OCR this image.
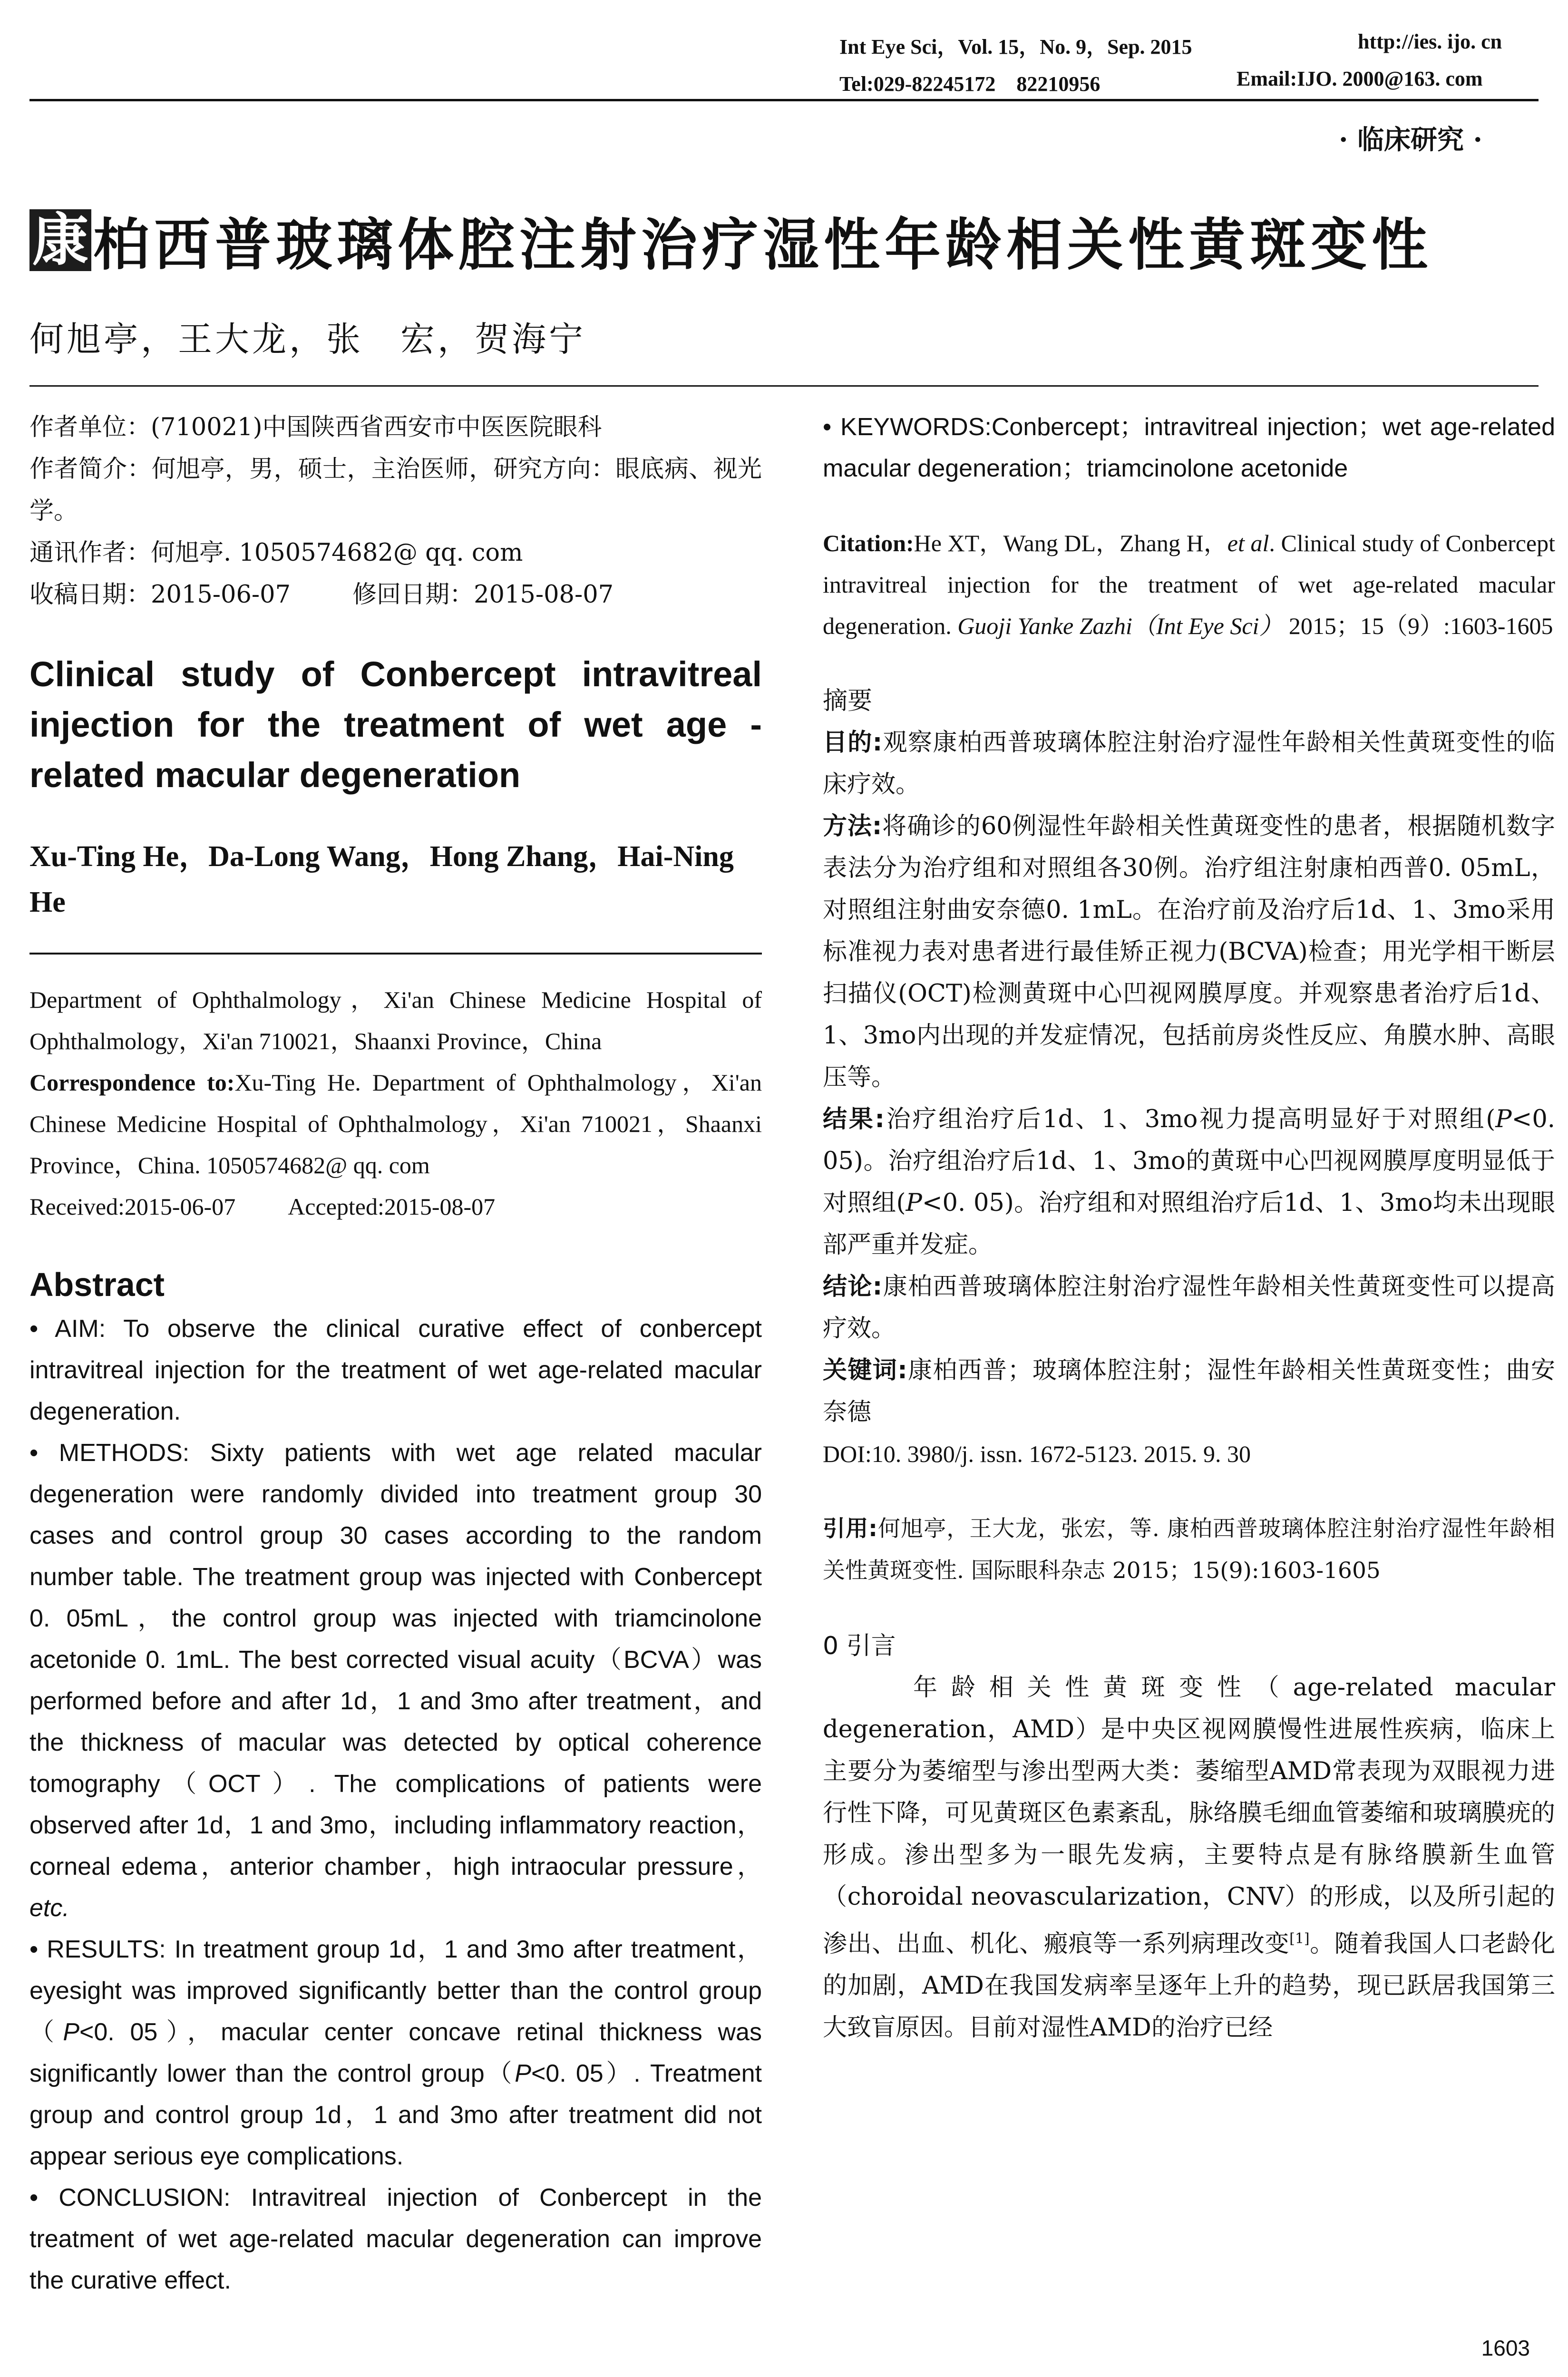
Int Eye Sci，Vol. 15，No. 9，Sep. 2015	http://ies. ijo. cn
Tel:029-82245172　82210956	Email:IJO. 2000@163. com
· 临床研究 ·
康 柏西普玻璃体腔注射治疗湿性年龄相关性黄斑变性
何旭亭，王大龙，张　宏，贺海宁

作者单位：(710021)中国陕西省西安市中医医院眼科

作者简介：何旭亭，男，硕士，主治医师，研究方向：眼底病、视光学。

通讯作者：何旭亭. 1050574682@ qq. com

收稿日期：2015-06-07	修回日期：2015-08-07

Clinical study of Conbercept intravitreal injection for the treatment of wet age - related macular degeneration

Xu-Ting He，Da-Long Wang，Hong Zhang，Hai-Ning He

Department of Ophthalmology，Xi'an Chinese Medicine Hospital of Ophthalmology，Xi'an 710021，Shaanxi Province，China

Correspondence to:Xu-Ting He. Department of Ophthalmology，Xi'an Chinese Medicine Hospital of Ophthalmology，Xi'an 710021，Shaanxi Province，China. 1050574682@ qq. com

Received:2015-06-07 Accepted:2015-08-07

Abstract

• AIM: To observe the clinical curative effect of conbercept intravitreal injection for the treatment of wet age-related macular degeneration.

• METHODS: Sixty patients with wet age related macular degeneration were randomly divided into treatment group 30 cases and control group 30 cases according to the random number table. The treatment group was injected with Conbercept 0. 05mL，the control group was injected with triamcinolone acetonide 0. 1mL. The best corrected visual acuity（BCVA）was performed before and after 1d，1 and 3mo after treatment，and the thickness of macular was detected by optical coherence tomography（OCT）. The complications of patients were observed after 1d，1 and 3mo，including inflammatory reaction，corneal edema，anterior chamber，high intraocular pressure，etc.

• RESULTS: In treatment group 1d，1 and 3mo after treatment，eyesight was improved significantly better than the control group（P<0. 05），macular center concave retinal thickness was significantly lower than the control group（P<0. 05）. Treatment group and control group 1d，1 and 3mo after treatment did not appear serious eye complications.

• CONCLUSION: Intravitreal injection of Conbercept in the treatment of wet age-related macular degeneration can improve the curative effect.

• KEYWORDS:Conbercept；intravitreal injection；wet age-related macular degeneration；triamcinolone acetonide

Citation:He XT，Wang DL，Zhang H，et al. Clinical study of Conbercept intravitreal injection for the treatment of wet age-related macular degeneration. Guoji Yanke Zazhi（Int Eye Sci） 2015；15（9）:1603-1605

摘要

目的:观察康柏西普玻璃体腔注射治疗湿性年龄相关性黄斑变性的临床疗效。

方法:将确诊的60例湿性年龄相关性黄斑变性的患者，根据随机数字表法分为治疗组和对照组各30例。治疗组注射康柏西普0. 05mL，对照组注射曲安奈德0. 1mL。在治疗前及治疗后1d、1、3mo采用标准视力表对患者进行最佳矫正视力(BCVA)检查；用光学相干断层扫描仪(OCT)检测黄斑中心凹视网膜厚度。并观察患者治疗后1d、1、3mo内出现的并发症情况，包括前房炎性反应、角膜水肿、高眼压等。

结果:治疗组治疗后1d、1、3mo视力提高明显好于对照组(P<0. 05)。治疗组治疗后1d、1、3mo的黄斑中心凹视网膜厚度明显低于对照组(P<0. 05)。治疗组和对照组治疗后1d、1、3mo均未出现眼部严重并发症。

结论:康柏西普玻璃体腔注射治疗湿性年龄相关性黄斑变性可以提高疗效。

关键词:康柏西普；玻璃体腔注射；湿性年龄相关性黄斑变性；曲安奈德

DOI:10. 3980/j. issn. 1672-5123. 2015. 9. 30

引用:何旭亭，王大龙，张宏，等. 康柏西普玻璃体腔注射治疗湿性年龄相关性黄斑变性. 国际眼科杂志 2015；15(9):1603-1605

0 引言

年龄相关性黄斑变性（age-related macular degeneration，AMD）是中央区视网膜慢性进展性疾病，临床上主要分为萎缩型与渗出型两大类：萎缩型AMD常表现为双眼视力进行性下降，可见黄斑区色素紊乱，脉络膜毛细血管萎缩和玻璃膜疣的形成。渗出型多为一眼先发病，主要特点是有脉络膜新生血管（choroidal neovascularization，CNV）的形成，以及所引起的渗出、出血、机化、瘢痕等一系列病理改变[1]。随着我国人口老龄化的加剧，AMD在我国发病率呈逐年上升的趋势，现已跃居我国第三大致盲原因。目前对湿性AMD的治疗已经

1603
